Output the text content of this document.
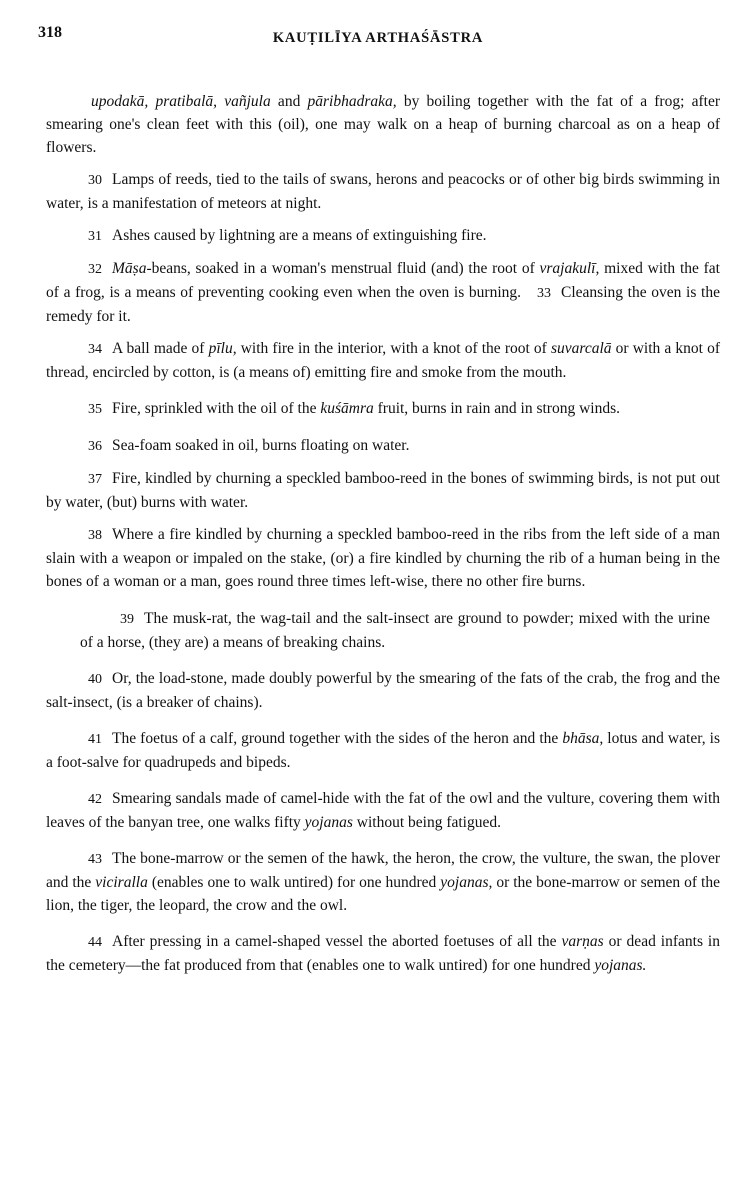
318	KAUṬILĪYA ARTHAŚĀSTRA

upodakā, pratibalā, vañjula and pāribhadraka, by boiling together with the fat of a frog; after smearing one's clean feet with this (oil), one may walk on a heap of burning charcoal as on a heap of flowers.

30 Lamps of reeds, tied to the tails of swans, herons and peacocks or of other big birds swimming in water, is a manifestation of meteors at night.

31 Ashes caused by lightning are a means of extinguishing fire.

32 Māṣa-beans, soaked in a woman's menstrual fluid (and) the root of vrajakulī, mixed with the fat of a frog, is a means of preventing cooking even when the oven is burning. 33 Cleansing the oven is the remedy for it.

34 A ball made of pīlu, with fire in the interior, with a knot of the root of suvarcalā or with a knot of thread, encircled by cotton, is (a means of) emitting fire and smoke from the mouth.

35 Fire, sprinkled with the oil of the kuśāmra fruit, burns in rain and in strong winds.

36 Sea-foam soaked in oil, burns floating on water.

37 Fire, kindled by churning a speckled bamboo-reed in the bones of swimming birds, is not put out by water, (but) burns with water.

38 Where a fire kindled by churning a speckled bamboo-reed in the ribs from the left side of a man slain with a weapon or impaled on the stake, (or) a fire kindled by churning the rib of a human being in the bones of a woman or a man, goes round three times left-wise, there no other fire burns.

39 The musk-rat, the wag-tail and the salt-insect are ground to powder; mixed with the urine of a horse, (they are) a means of breaking chains.

40 Or, the load-stone, made doubly powerful by the smearing of the fats of the crab, the frog and the salt-insect, (is a breaker of chains).

41 The foetus of a calf, ground together with the sides of the heron and the bhāsa, lotus and water, is a foot-salve for quadrupeds and bipeds.

42 Smearing sandals made of camel-hide with the fat of the owl and the vulture, covering them with leaves of the banyan tree, one walks fifty yojanas without being fatigued.

43 The bone-marrow or the semen of the hawk, the heron, the crow, the vulture, the swan, the plover and the viciralla (enables one to walk untired) for one hundred yojanas, or the bone-marrow or semen of the lion, the tiger, the leopard, the crow and the owl.

44 After pressing in a camel-shaped vessel the aborted foetuses of all the varṇas or dead infants in the cemetery—the fat produced from that (enables one to walk untired) for one hundred yojanas.
